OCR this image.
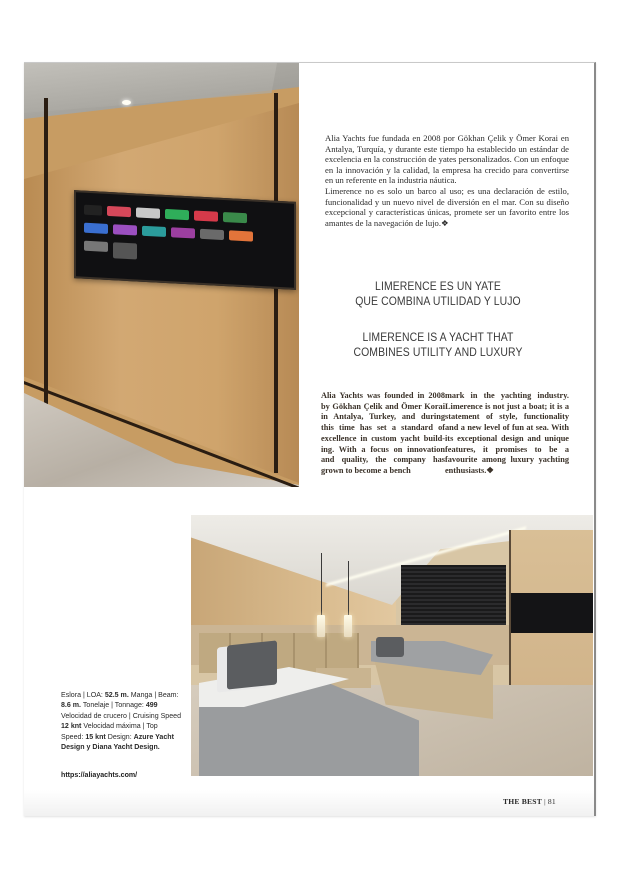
Alia Yachts fue fundada en 2008 por Gökhan Çelik y Ömer Korai en Antalya, Turquía, y durante este tiempo ha establecido un estándar de excelencia en la construcción de yates personalizados. Con un enfoque en la innovación y la calidad, la empresa ha crecido para convertirse en un referente en la industria náutica.

Limerence no es solo un barco al uso; es una declaración de estilo, funcionalidad y un nuevo nivel de diversión en el mar. Con su diseño excepcional y características únicas, promete ser un favorito entre los amantes de la navegación de lujo.❖

LIMERENCE ES UN YATE
QUE COMBINA UTILIDAD Y LUJO
LIMERENCE IS A YACHT THAT
COMBINES UTILITY AND LUXURY
Alia Yachts was founded in 2008 by Gökhan Çelik and Ömer Korai in Antalya, Turkey, and during this time has set a standard of excellence in custom yacht building. With a focus on innovation and quality, the company has grown to become a bench
mark in the yachting industry. Limerence is not just a boat; it is a statement of style, functionality and a new level of fun at sea. With its exceptional design and unique features, it promises to be a favourite among luxury yachting enthusiasts.❖
Eslora | LOA: 52.5 m. Manga | Beam: 8.6 m. Tonelaje | Tonnage: 499 Velocidad de crucero | Cruising Speed 12 knt Velocidad máxima | Top Speed: 15 knt Design: Azure Yacht Design y Diana Yacht Design.
https://aliayachts.com/
THE BEST | 81
